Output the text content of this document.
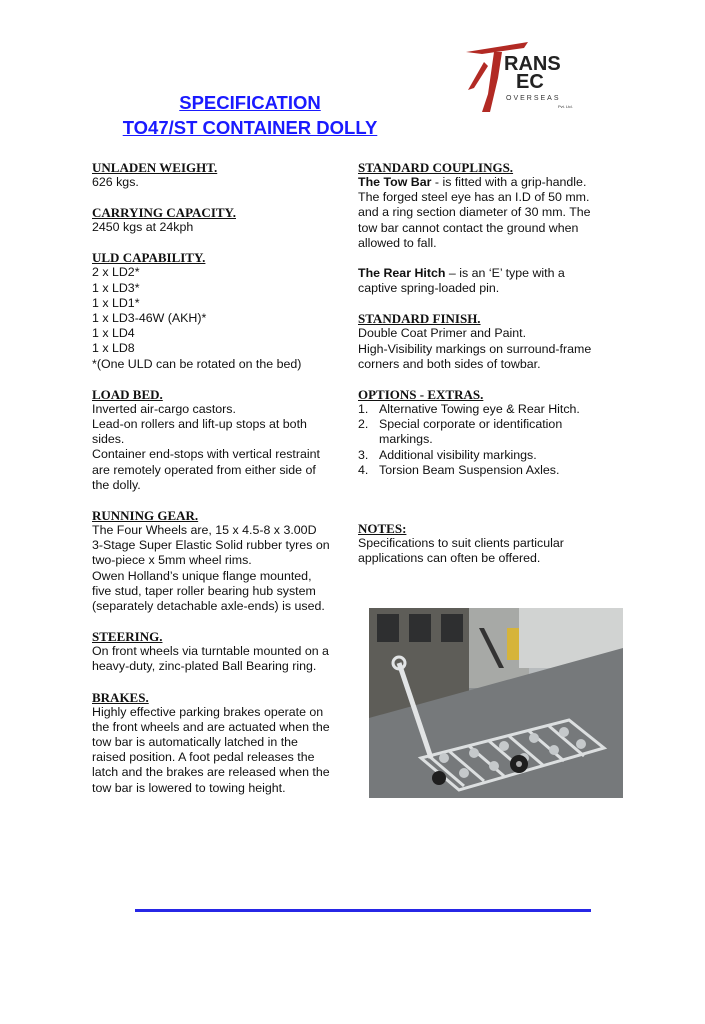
RANS
EC
OVERSEAS
Pvt. Ltd.
SPECIFICATION
TO47/ST CONTAINER DOLLY
UNLADEN WEIGHT.
626 kgs.
CARRYING CAPACITY.
2450 kgs at 24kph
ULD CAPABILITY.
2 x LD2*
1 x LD3*
1 x LD1*
1 x LD3-46W (AKH)*
1 x LD4
1 x LD8
*(One ULD can be rotated on the bed)
LOAD BED.
Inverted air-cargo castors.
Lead-on rollers and lift-up stops at both
sides.
Container end-stops with vertical restraint
are remotely operated from either side of
the dolly.
RUNNING GEAR.
The Four Wheels are, 15 x 4.5-8 x 3.00D
3-Stage Super Elastic Solid rubber tyres on
two-piece x 5mm wheel rims.
Owen Holland’s unique flange mounted,
five stud, taper roller bearing hub system
(separately detachable axle-ends) is used.
STEERING.
On front wheels via turntable mounted on a
heavy-duty, zinc-plated Ball Bearing ring.
BRAKES.
Highly effective parking brakes operate on
the front wheels and are actuated when the
tow bar is automatically latched in the
raised position. A foot pedal releases the
latch and the brakes are released when the
tow bar is lowered to towing height.
STANDARD COUPLINGS.
The Tow Bar - is fitted with a grip-handle.
The forged steel eye has an I.D of 50 mm.
and a ring section diameter of 30 mm. The
tow bar cannot contact the ground when
allowed to fall.
The Rear Hitch – is an ‘E’ type with a
captive spring-loaded pin.
STANDARD FINISH.
Double Coat Primer and Paint.
High-Visibility markings on surround-frame
corners and both sides of towbar.
OPTIONS - EXTRAS.
1. Alternative Towing eye & Rear Hitch.
2. Special corporate or identification
markings.
3. Additional visibility markings.
4. Torsion Beam Suspension Axles.
NOTES:
Specifications to suit clients particular
applications can often be offered.
